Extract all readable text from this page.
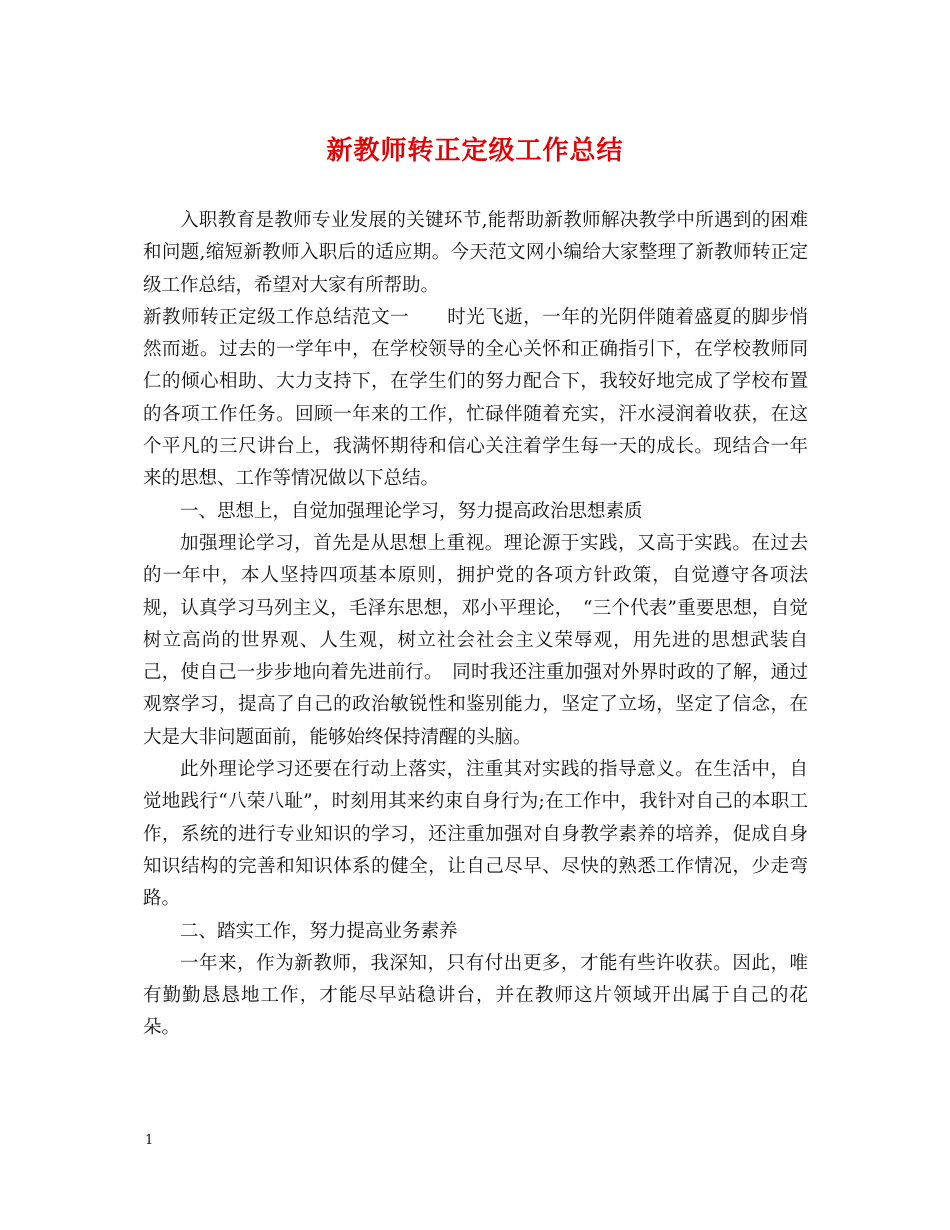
新教师转正定级工作总结

入职教育是教师专业发展的关键环节,能帮助新教师解决教学中所遇到的困难和问题,缩短新教师入职后的适应期。今天范文网小编给大家整理了新教师转正定级工作总结，希望对大家有所帮助。

新教师转正定级工作总结范文一　　时光飞逝，一年的光阴伴随着盛夏的脚步悄然而逝。过去的一学年中，在学校领导的全心关怀和正确指引下，在学校教师同仁的倾心相助、大力支持下，在学生们的努力配合下，我较好地完成了学校布置的各项工作任务。回顾一年来的工作，忙碌伴随着充实，汗水浸润着收获，在这个平凡的三尺讲台上，我满怀期待和信心关注着学生每一天的成长。现结合一年来的思想、工作等情况做以下总结。

一、思想上，自觉加强理论学习，努力提高政治思想素质

加强理论学习，首先是从思想上重视。理论源于实践，又高于实践。在过去的一年中，本人坚持四项基本原则，拥护党的各项方针政策，自觉遵守各项法规，认真学习马列主义，毛泽东思想，邓小平理论，　“三个代表”重要思想，自觉树立高尚的世界观、人生观，树立社会社会主义荣辱观，用先进的思想武装自己，使自己一步步地向着先进前行。　同时我还注重加强对外界时政的了解，通过观察学习，提高了自己的政治敏锐性和鉴别能力，坚定了立场，坚定了信念，在大是大非问题面前，能够始终保持清醒的头脑。

此外理论学习还要在行动上落实，注重其对实践的指导意义。在生活中，自觉地践行“八荣八耻”，时刻用其来约束自身行为;在工作中，我针对自己的本职工作，系统的进行专业知识的学习，还注重加强对自身教学素养的培养，促成自身知识结构的完善和知识体系的健全，让自己尽早、尽快的熟悉工作情况，少走弯路。

二、踏实工作，努力提高业务素养

一年来，作为新教师，我深知，只有付出更多，才能有些许收获。因此，唯有勤勤恳恳地工作，才能尽早站稳讲台，并在教师这片领域开出属于自己的花朵。

1
